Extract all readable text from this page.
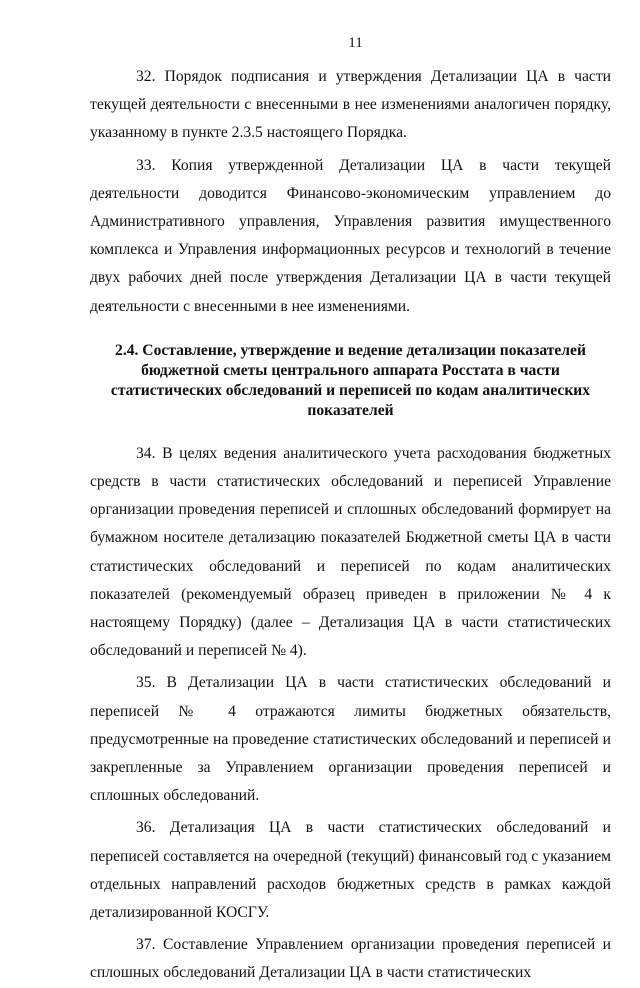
11

32. Порядок подписания и утверждения Детализации ЦА в части текущей деятельности с внесенными в нее изменениями аналогичен порядку, указанному в пункте 2.3.5 настоящего Порядка.

33. Копия утвержденной Детализации ЦА в части текущей деятельности доводится Финансово-экономическим управлением до Административного управления, Управления развития имущественного комплекса и Управления информационных ресурсов и технологий в течение двух рабочих дней после утверждения Детализации ЦА в части текущей деятельности с внесенными в нее изменениями.

2.4. Составление, утверждение и ведение детализации показателей бюджетной сметы центрального аппарата Росстата в части статистических обследований и переписей по кодам аналитических показателей

34. В целях ведения аналитического учета расходования бюджетных средств в части статистических обследований и переписей Управление организации проведения переписей и сплошных обследований формирует на бумажном носителе детализацию показателей Бюджетной сметы ЦА в части статистических обследований и переписей по кодам аналитических показателей (рекомендуемый образец приведен в приложении № 4 к настоящему Порядку) (далее – Детализация ЦА в части статистических обследований и переписей № 4).

35. В Детализации ЦА в части статистических обследований и переписей № 4 отражаются лимиты бюджетных обязательств, предусмотренные на проведение статистических обследований и переписей и закрепленные за Управлением организации проведения переписей и сплошных обследований.

36. Детализация ЦА в части статистических обследований и переписей составляется на очередной (текущий) финансовый год с указанием отдельных направлений расходов бюджетных средств в рамках каждой детализированной КОСГУ.

37. Составление Управлением организации проведения переписей и сплошных обследований Детализации ЦА в части статистических
